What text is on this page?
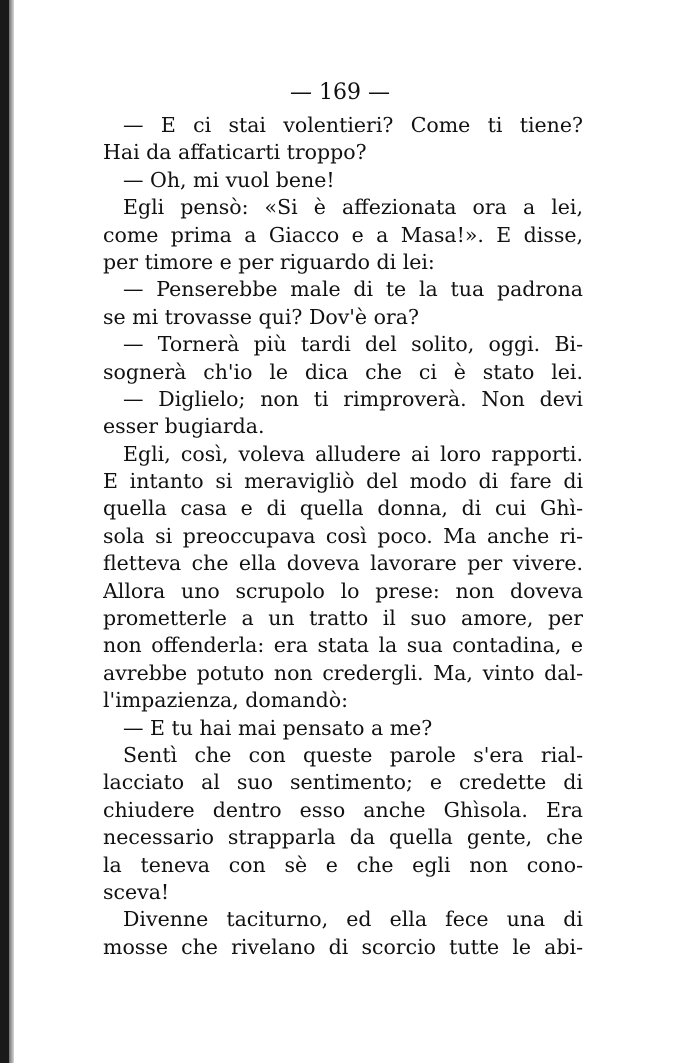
— 169 —
— E ci stai volentieri? Come ti tiene?
Hai da affaticarti troppo?
— Oh, mi vuol bene!
Egli pensò: «Si è affezionata ora a lei,
come prima a Giacco e a Masa!». E disse,
per timore e per riguardo di lei:
— Penserebbe male di te la tua padrona
se mi trovasse qui? Dov'è ora?
— Tornerà più tardi del solito, oggi. Bi-
sognerà ch'io le dica che ci è stato lei.
— Diglielo; non ti rimproverà. Non devi
esser bugiarda.
Egli, così, voleva alludere ai loro rapporti.
E intanto si meravigliò del modo di fare di
quella casa e di quella donna, di cui Ghì-
sola si preoccupava così poco. Ma anche ri-
fletteva che ella doveva lavorare per vivere.
Allora uno scrupolo lo prese: non doveva
prometterle a un tratto il suo amore, per
non offenderla: era stata la sua contadina, e
avrebbe potuto non credergli. Ma, vinto dal-
l'impazienza, domandò:
— E tu hai mai pensato a me?
Sentì che con queste parole s'era rial-
lacciato al suo sentimento; e credette di
chiudere dentro esso anche Ghìsola. Era
necessario strapparla da quella gente, che
la teneva con sè e che egli non cono-
sceva!
Divenne taciturno, ed ella fece una di
mosse che rivelano di scorcio tutte le abi-
